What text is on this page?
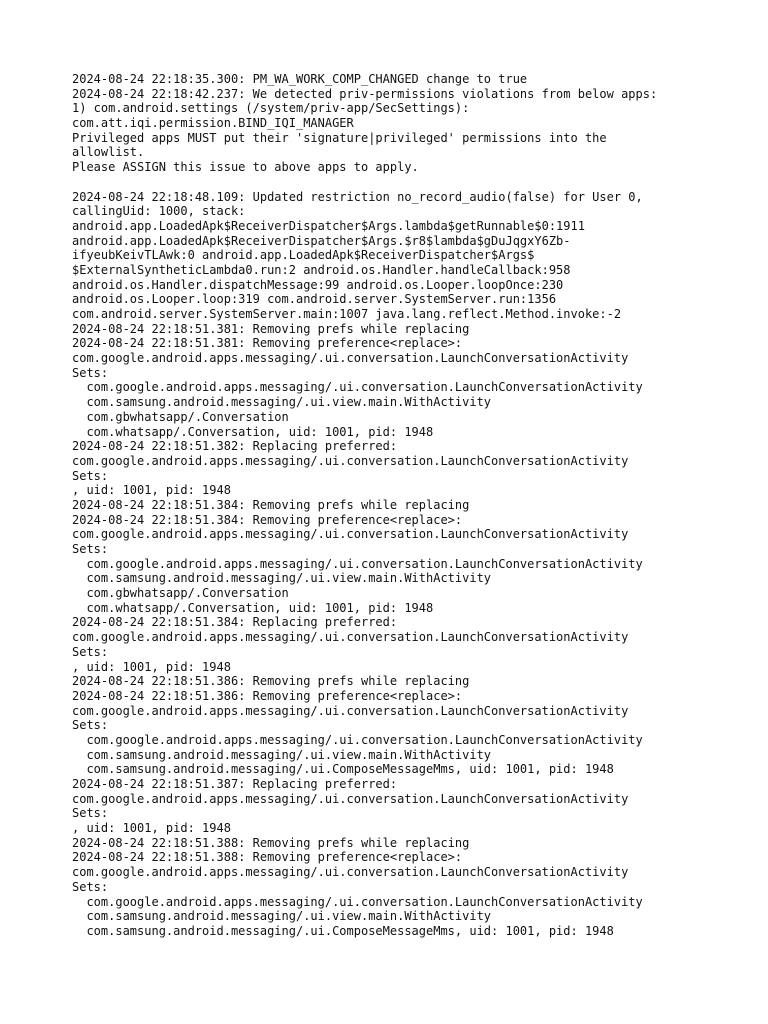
2024-08-24 22:18:35.300: PM_WA_WORK_COMP_CHANGED change to true
2024-08-24 22:18:42.237: We detected priv-permissions violations from below apps:
1) com.android.settings (/system/priv-app/SecSettings):
com.att.iqi.permission.BIND_IQI_MANAGER
Privileged apps MUST put their 'signature|privileged' permissions into the
allowlist.
Please ASSIGN this issue to above apps to apply.
2024-08-24 22:18:48.109: Updated restriction no_record_audio(false) for User 0,
callingUid: 1000, stack:
android.app.LoadedApk$ReceiverDispatcher$Args.lambda$getRunnable$0:1911
android.app.LoadedApk$ReceiverDispatcher$Args.$r8$lambda$gDuJqgxY6Zb-
ifyeubKeivTLAwk:0 android.app.LoadedApk$ReceiverDispatcher$Args$
$ExternalSyntheticLambda0.run:2 android.os.Handler.handleCallback:958
android.os.Handler.dispatchMessage:99 android.os.Looper.loopOnce:230
android.os.Looper.loop:319 com.android.server.SystemServer.run:1356
com.android.server.SystemServer.main:1007 java.lang.reflect.Method.invoke:-2
2024-08-24 22:18:51.381: Removing prefs while replacing
2024-08-24 22:18:51.381: Removing preference<replace>:
com.google.android.apps.messaging/.ui.conversation.LaunchConversationActivity
Sets:
com.google.android.apps.messaging/.ui.conversation.LaunchConversationActivity
com.samsung.android.messaging/.ui.view.main.WithActivity
com.gbwhatsapp/.Conversation
com.whatsapp/.Conversation, uid: 1001, pid: 1948
2024-08-24 22:18:51.382: Replacing preferred:
com.google.android.apps.messaging/.ui.conversation.LaunchConversationActivity
Sets:
, uid: 1001, pid: 1948
2024-08-24 22:18:51.384: Removing prefs while replacing
2024-08-24 22:18:51.384: Removing preference<replace>:
com.google.android.apps.messaging/.ui.conversation.LaunchConversationActivity
Sets:
com.google.android.apps.messaging/.ui.conversation.LaunchConversationActivity
com.samsung.android.messaging/.ui.view.main.WithActivity
com.gbwhatsapp/.Conversation
com.whatsapp/.Conversation, uid: 1001, pid: 1948
2024-08-24 22:18:51.384: Replacing preferred:
com.google.android.apps.messaging/.ui.conversation.LaunchConversationActivity
Sets:
, uid: 1001, pid: 1948
2024-08-24 22:18:51.386: Removing prefs while replacing
2024-08-24 22:18:51.386: Removing preference<replace>:
com.google.android.apps.messaging/.ui.conversation.LaunchConversationActivity
Sets:
com.google.android.apps.messaging/.ui.conversation.LaunchConversationActivity
com.samsung.android.messaging/.ui.view.main.WithActivity
com.samsung.android.messaging/.ui.ComposeMessageMms, uid: 1001, pid: 1948
2024-08-24 22:18:51.387: Replacing preferred:
com.google.android.apps.messaging/.ui.conversation.LaunchConversationActivity
Sets:
, uid: 1001, pid: 1948
2024-08-24 22:18:51.388: Removing prefs while replacing
2024-08-24 22:18:51.388: Removing preference<replace>:
com.google.android.apps.messaging/.ui.conversation.LaunchConversationActivity
Sets:
com.google.android.apps.messaging/.ui.conversation.LaunchConversationActivity
com.samsung.android.messaging/.ui.view.main.WithActivity
com.samsung.android.messaging/.ui.ComposeMessageMms, uid: 1001, pid: 1948
